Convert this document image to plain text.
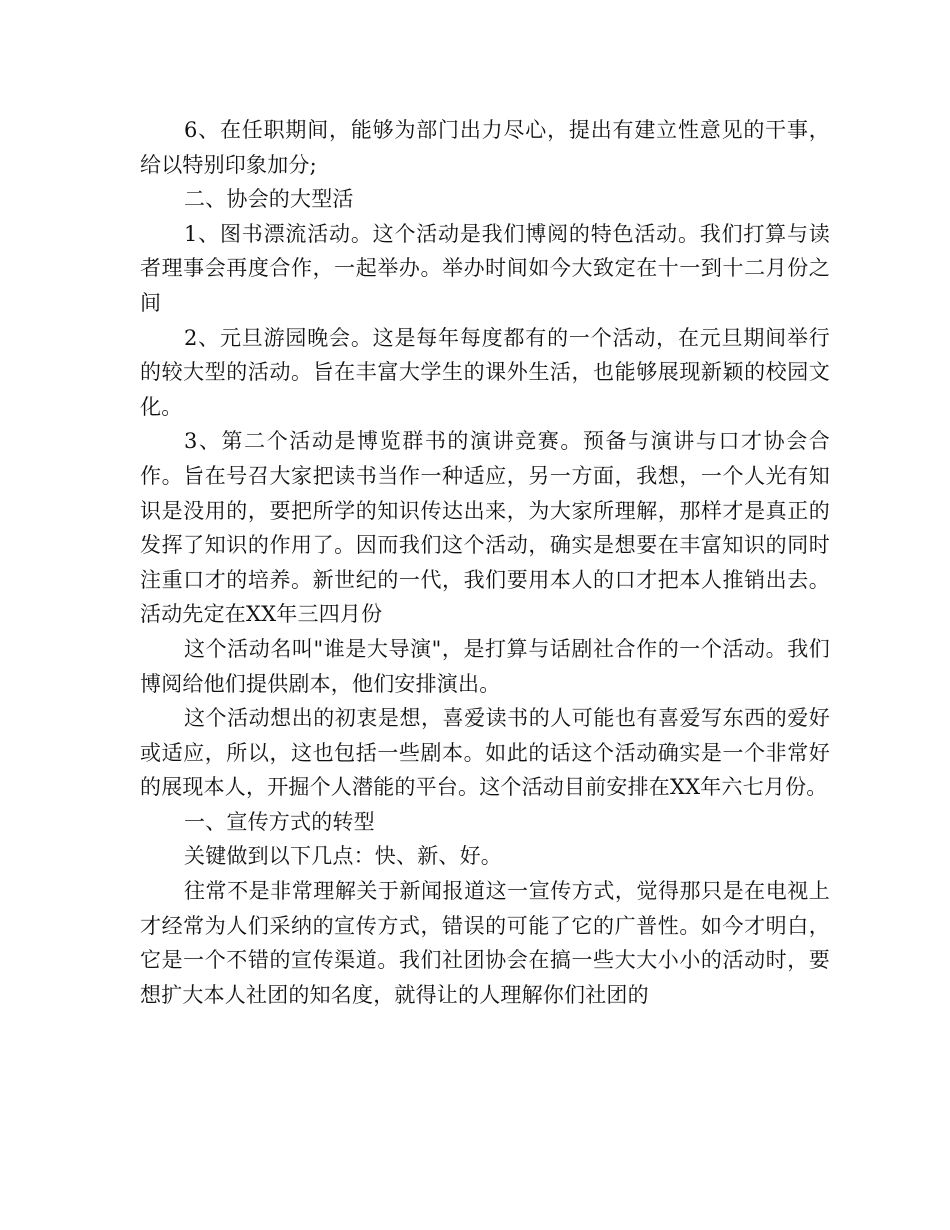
6、在任职期间，能够为部门出力尽心，提出有建立性意见的干事，给以特别印象加分;

二、协会的大型活

1、图书漂流活动。这个活动是我们博阅的特色活动。我们打算与读者理事会再度合作，一起举办。举办时间如今大致定在十一到十二月份之间

2、元旦游园晚会。这是每年每度都有的一个活动，在元旦期间举行的较大型的活动。旨在丰富大学生的课外生活，也能够展现新颖的校园文化。

3、第二个活动是博览群书的演讲竞赛。预备与演讲与口才协会合作。旨在号召大家把读书当作一种适应，另一方面，我想，一个人光有知识是没用的，要把所学的知识传达出来，为大家所理解，那样才是真正的发挥了知识的作用了。因而我们这个活动，确实是想要在丰富知识的同时注重口才的培养。新世纪的一代，我们要用本人的口才把本人推销出去。活动先定在XX年三四月份

这个活动名叫"谁是大导演"，是打算与话剧社合作的一个活动。我们博阅给他们提供剧本，他们安排演出。

这个活动想出的初衷是想，喜爱读书的人可能也有喜爱写东西的爱好或适应，所以，这也包括一些剧本。如此的话这个活动确实是一个非常好的展现本人，开掘个人潜能的平台。这个活动目前安排在XX年六七月份。

一、宣传方式的转型

关键做到以下几点：快、新、好。

往常不是非常理解关于新闻报道这一宣传方式，觉得那只是在电视上才经常为人们采纳的宣传方式，错误的可能了它的广普性。如今才明白，它是一个不错的宣传渠道。我们社团协会在搞一些大大小小的活动时，要想扩大本人社团的知名度，就得让的人理解你们社团的
